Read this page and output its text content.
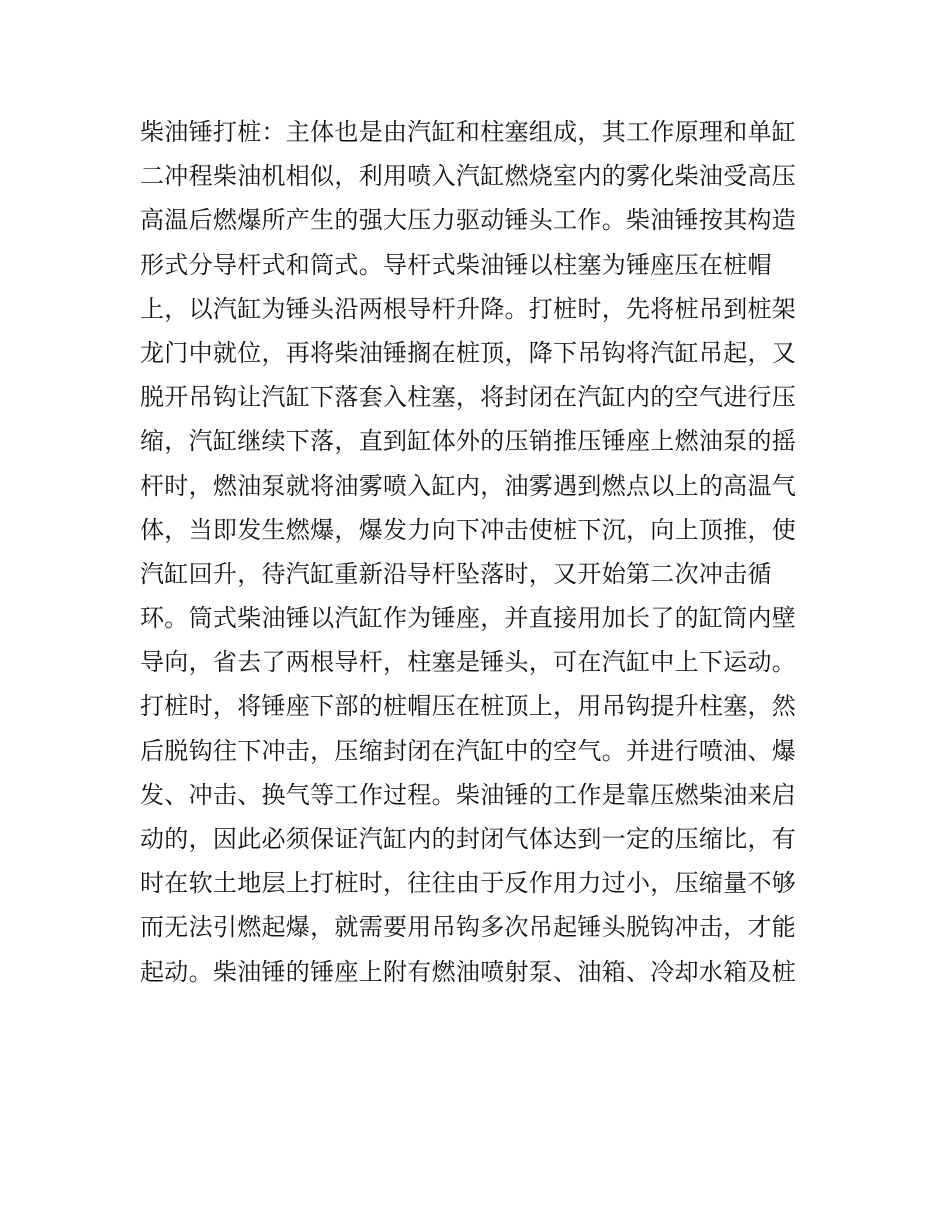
柴油锤打桩：主体也是由汽缸和柱塞组成，其工作原理和单缸
二冲程柴油机相似，利用喷入汽缸燃烧室内的雾化柴油受高压
高温后燃爆所产生的强大压力驱动锤头工作。柴油锤按其构造
形式分导杆式和筒式。导杆式柴油锤以柱塞为锤座压在桩帽
上，以汽缸为锤头沿两根导杆升降。打桩时，先将桩吊到桩架
龙门中就位，再将柴油锤搁在桩顶，降下吊钩将汽缸吊起，又
脱开吊钩让汽缸下落套入柱塞，将封闭在汽缸内的空气进行压
缩，汽缸继续下落，直到缸体外的压销推压锤座上燃油泵的摇
杆时，燃油泵就将油雾喷入缸内，油雾遇到燃点以上的高温气
体，当即发生燃爆，爆发力向下冲击使桩下沉，向上顶推，使
汽缸回升，待汽缸重新沿导杆坠落时，又开始第二次冲击循
环。筒式柴油锤以汽缸作为锤座，并直接用加长了的缸筒内壁
导向，省去了两根导杆，柱塞是锤头，可在汽缸中上下运动。
打桩时，将锤座下部的桩帽压在桩顶上，用吊钩提升柱塞，然
后脱钩往下冲击，压缩封闭在汽缸中的空气。并进行喷油、爆
发、冲击、换气等工作过程。柴油锤的工作是靠压燃柴油来启
动的，因此必须保证汽缸内的封闭气体达到一定的压缩比，有
时在软土地层上打桩时，往往由于反作用力过小，压缩量不够
而无法引燃起爆，就需要用吊钩多次吊起锤头脱钩冲击，才能
起动。柴油锤的锤座上附有燃油喷射泵、油箱、冷却水箱及桩
